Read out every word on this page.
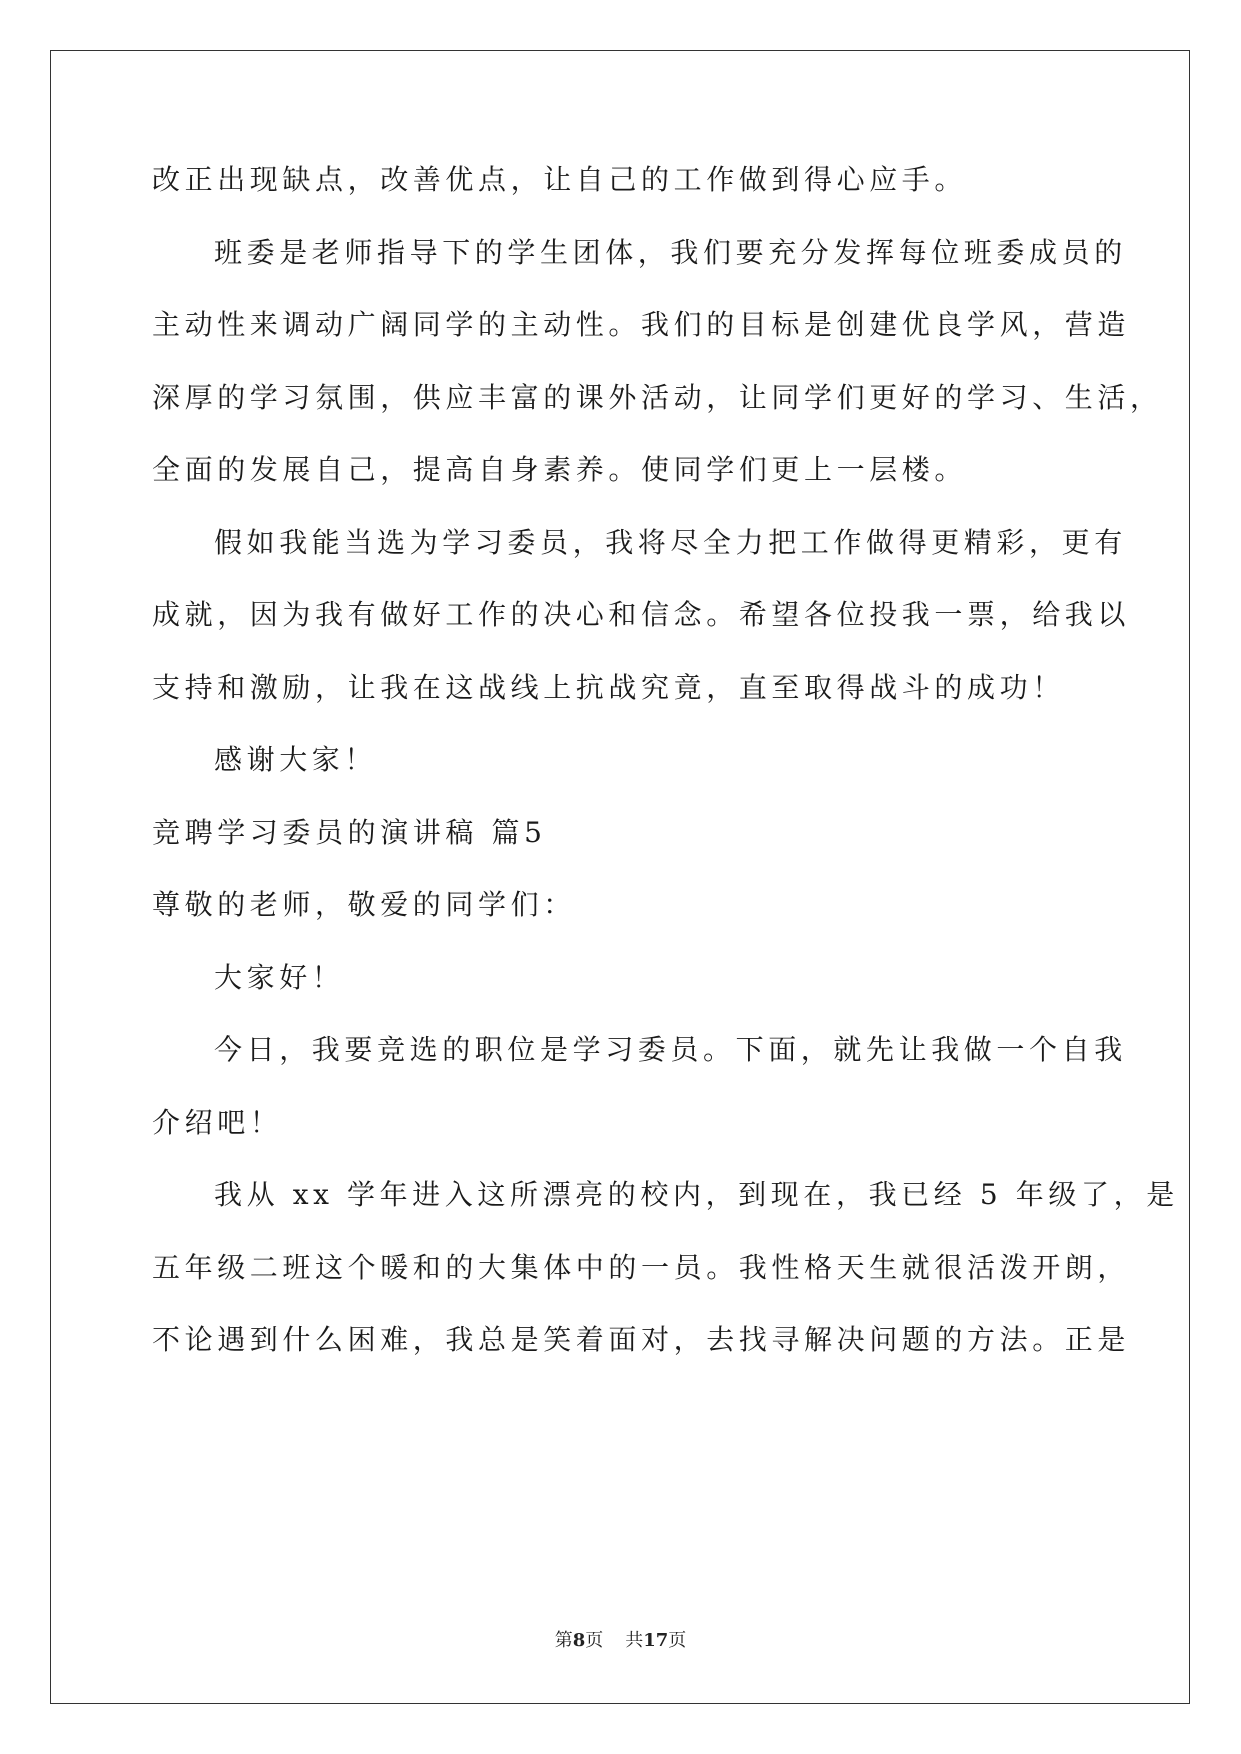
改正出现缺点，改善优点，让自己的工作做到得心应手。
班委是老师指导下的学生团体，我们要充分发挥每位班委成员的
主动性来调动广阔同学的主动性。我们的目标是创建优良学风，营造
深厚的学习氛围，供应丰富的课外活动，让同学们更好的学习、生活，
全面的发展自己，提高自身素养。使同学们更上一层楼。
假如我能当选为学习委员，我将尽全力把工作做得更精彩，更有
成就，因为我有做好工作的决心和信念。希望各位投我一票，给我以
支持和激励，让我在这战线上抗战究竟，直至取得战斗的成功！
感谢大家！
竞聘学习委员的演讲稿 篇5
尊敬的老师，敬爱的同学们：
大家好！
今日，我要竞选的职位是学习委员。下面，就先让我做一个自我
介绍吧！
我从 xx 学年进入这所漂亮的校内，到现在，我已经 5 年级了，是
五年级二班这个暖和的大集体中的一员。我性格天生就很活泼开朗，
不论遇到什么困难，我总是笑着面对，去找寻解决问题的方法。正是
第8页 共17页
